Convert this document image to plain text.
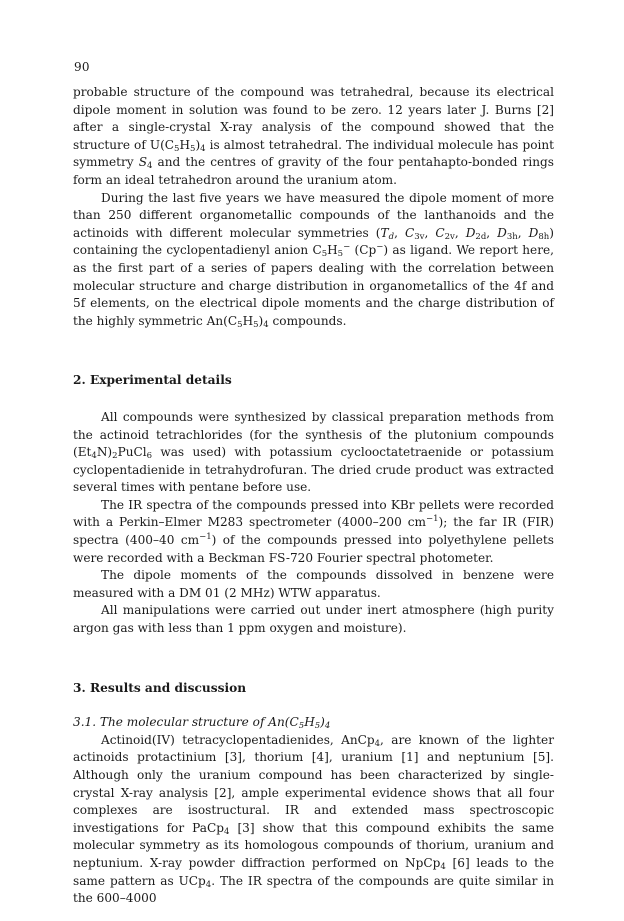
90

probable structure of the compound was tetrahedral, because its electrical dipole moment in solution was found to be zero. 12 years later J. Burns [2] after a single-crystal X-ray analysis of the compound showed that the structure of $U(C_5H_5)_4$ is almost tetrahedral. The individual molecule has point symmetry $S_4$ and the centres of gravity of the four pentahapto-bonded rings form an ideal tetrahedron around the uranium atom.

During the last five years we have measured the dipole moment of more than 250 different organometallic compounds of the lanthanoids and the actinoids with different molecular symmetries ($T_d$, $C_{3v}$, $C_{2v}$, $D_{2d}$, $D_{3h}$, $D_{8h}$) containing the cyclopentadienyl anion $C_5H_5^-$ (Cp−) as ligand. We report here, as the first part of a series of papers dealing with the correlation between molecular structure and charge distribution in organometallics of the 4f and 5f elements, on the electrical dipole moments and the charge distribution of the highly symmetric $An(C_5H_5)_4$ compounds.

2. Experimental details

All compounds were synthesized by classical preparation methods from the actinoid tetrachlorides (for the synthesis of the plutonium compounds $(Et_4N)_2PuCl_6$ was used) with potassium cyclooctatetraenide or potassium cyclopentadienide in tetrahydrofuran. The dried crude product was extracted several times with pentane before use.

The IR spectra of the compounds pressed into KBr pellets were recorded with a Perkin–Elmer M283 spectrometer (4000–200 $cm^{-1}$); the far IR (FIR) spectra (400–40 $cm^{-1}$) of the compounds pressed into polyethylene pellets were recorded with a Beckman FS-720 Fourier spectral photometer.

The dipole moments of the compounds dissolved in benzene were measured with a DM 01 (2 MHz) WTW apparatus.

All manipulations were carried out under inert atmosphere (high purity argon gas with less than 1 ppm oxygen and moisture).

3. Results and discussion

3.1. The molecular structure of $An(C_5H_5)_4$

Actinoid(IV) tetracyclopentadienides, AnCp$_4$, are known of the lighter actinoids protactinium [3], thorium [4], uranium [1] and neptunium [5]. Although only the uranium compound has been characterized by single-crystal X-ray analysis [2], ample experimental evidence shows that all four complexes are isostructural. IR and extended mass spectroscopic investigations for PaCp$_4$ [3] show that this compound exhibits the same molecular symmetry as its homologous compounds of thorium, uranium and neptunium. X-ray powder diffraction performed on NpCp$_4$ [6] leads to the same pattern as UCp$_4$. The IR spectra of the compounds are quite similar in the 600–4000
